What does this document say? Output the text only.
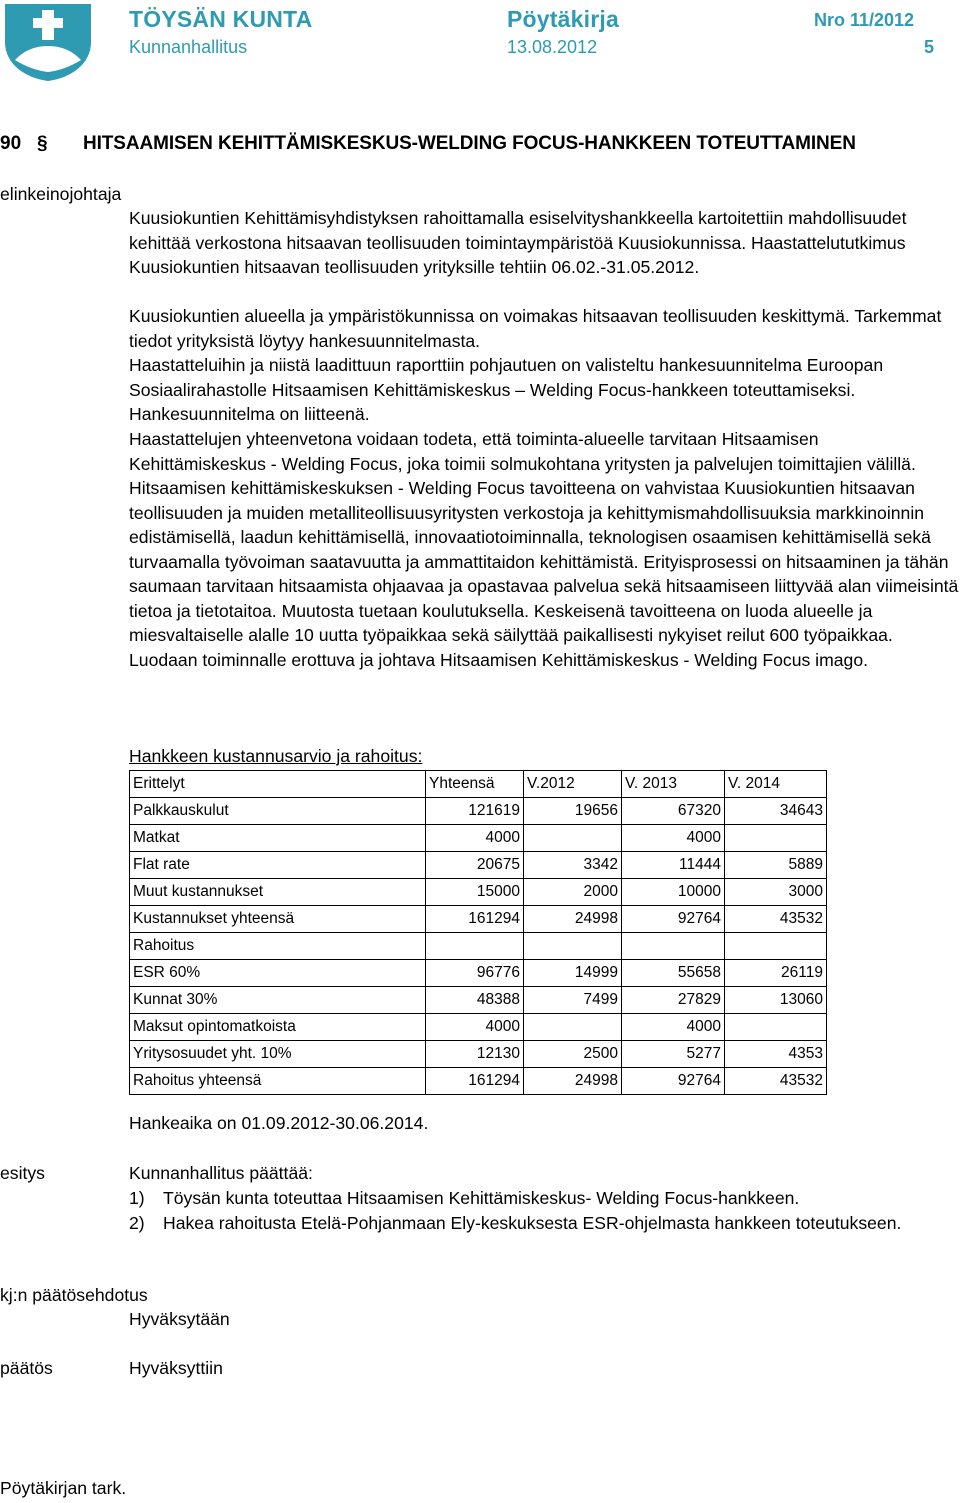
TÖYSÄN KUNTA	Pöytäkirja	Nro 11/2012
Kunnanhallitus	13.08.2012	5
90 § HITSAAMISEN KEHITTÄMISKESKUS-WELDING FOCUS-HANKKEEN TOTEUTTAMINEN
elinkeinojohtaja

Kuusiokuntien Kehittämisyhdistyksen rahoittamalla esiselvityshankkeella kartoitettiin mahdollisuudet kehittää verkostona hitsaavan teollisuuden toimintaympäristöä Kuusiokunnissa. Haastattelututkimus Kuusiokuntien hitsaavan teollisuuden yrityksille tehtiin 06.02.-31.05.2012.

Kuusiokuntien alueella ja ympäristökunnissa on voimakas hitsaavan teollisuuden keskittymä. Tarkemmat tiedot yrityksistä löytyy hankesuunnitelmasta.

Haastatteluihin ja niistä laadittuun raporttiin pohjautuen on valisteltu hankesuunnitelma Euroopan Sosiaalirahastolle Hitsaamisen Kehittämiskeskus – Welding Focus-hankkeen toteuttamiseksi. Hankesuunnitelma on liitteenä.

Haastattelujen yhteenvetona voidaan todeta, että toiminta-alueelle tarvitaan Hitsaamisen Kehittämiskeskus - Welding Focus, joka toimii solmukohtana yritysten ja palvelujen toimittajien välillä. Hitsaamisen kehittämiskeskuksen - Welding Focus tavoitteena on vahvistaa Kuusiokuntien hitsaavan teollisuuden ja muiden metalliteollisuusyritysten verkostoja ja kehittymismahdollisuuksia markkinoinnin edistämisellä, laadun kehittämisellä, innovaatiotoiminnalla, teknologisen osaamisen kehittämisellä sekä turvaamalla työvoiman saatavuutta ja ammattitaidon kehittämistä. Erityisprosessi on hitsaaminen ja tähän saumaan tarvitaan hitsaamista ohjaavaa ja opastavaa palvelua sekä hitsaamiseen liittyvää alan viimeisintä tietoa ja tietotaitoa. Muutosta tuetaan koulutuksella. Keskeisenä tavoitteena on luoda alueelle ja miesvaltaiselle alalle 10 uutta työpaikkaa sekä säilyttää paikallisesti nykyiset reilut 600 työpaikkaa. Luodaan toiminnalle erottuva ja johtava Hitsaamisen Kehittämiskeskus - Welding Focus imago.

Hankkeen kustannusarvio ja rahoitus:
Erittelyt	Yhteensä	V.2012	V. 2013	V. 2014
Palkkauskulut	121619	19656	67320	34643
Matkat	4000		4000	
Flat rate	20675	3342	11444	5889
Muut kustannukset	15000	2000	10000	3000
Kustannukset yhteensä	161294	24998	92764	43532
Rahoitus				
ESR 60%	96776	14999	55658	26119
Kunnat 30%	48388	7499	27829	13060
Maksut opintomatkoista	4000		4000	
Yritysosuudet yht. 10%	12130	2500	5277	4353
Rahoitus yhteensä	161294	24998	92764	43532
Hankeaika on 01.09.2012-30.06.2014.
esitys	Kunnanhallitus päättää:
1) Töysän kunta toteuttaa Hitsaamisen Kehittämiskeskus- Welding Focus-hankkeen.
2) Hakea rahoitusta Etelä-Pohjanmaan Ely-keskuksesta ESR-ohjelmasta hankkeen toteutukseen.
kj:n päätösehdotus
Hyväksytään
päätös	Hyväksyttiin
Pöytäkirjan tark.
